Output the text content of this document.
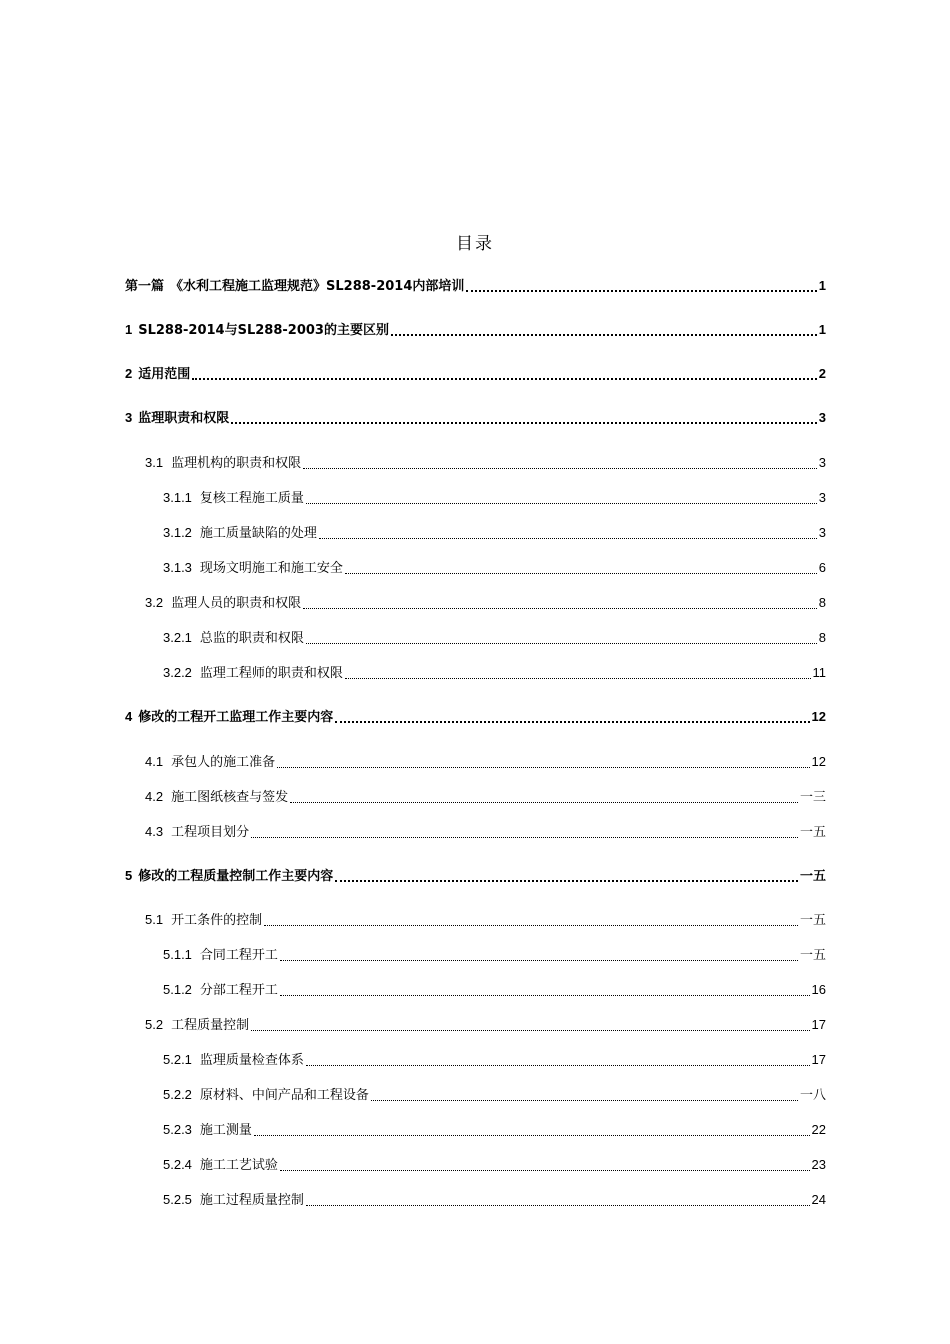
目录
第一篇 《水利工程施工监理规范》SL288-2014内部培训	1
1 SL288-2014与SL288-2003的主要区别	1
2 适用范围	2
3 监理职责和权限	3
3.1 监理机构的职责和权限	3
3.1.1 复核工程施工质量	3
3.1.2 施工质量缺陷的处理	3
3.1.3 现场文明施工和施工安全	6
3.2 监理人员的职责和权限	8
3.2.1 总监的职责和权限	8
3.2.2 监理工程师的职责和权限	11
4 修改的工程开工监理工作主要内容	12
4.1 承包人的施工准备	12
4.2 施工图纸核查与签发	一三
4.3 工程项目划分	一五
5 修改的工程质量控制工作主要内容	一五
5.1 开工条件的控制	一五
5.1.1 合同工程开工	一五
5.1.2 分部工程开工	16
5.2 工程质量控制	17
5.2.1 监理质量检查体系	17
5.2.2 原材料、中间产品和工程设备	一八
5.2.3 施工测量	22
5.2.4 施工工艺试验	23
5.2.5 施工过程质量控制	24
